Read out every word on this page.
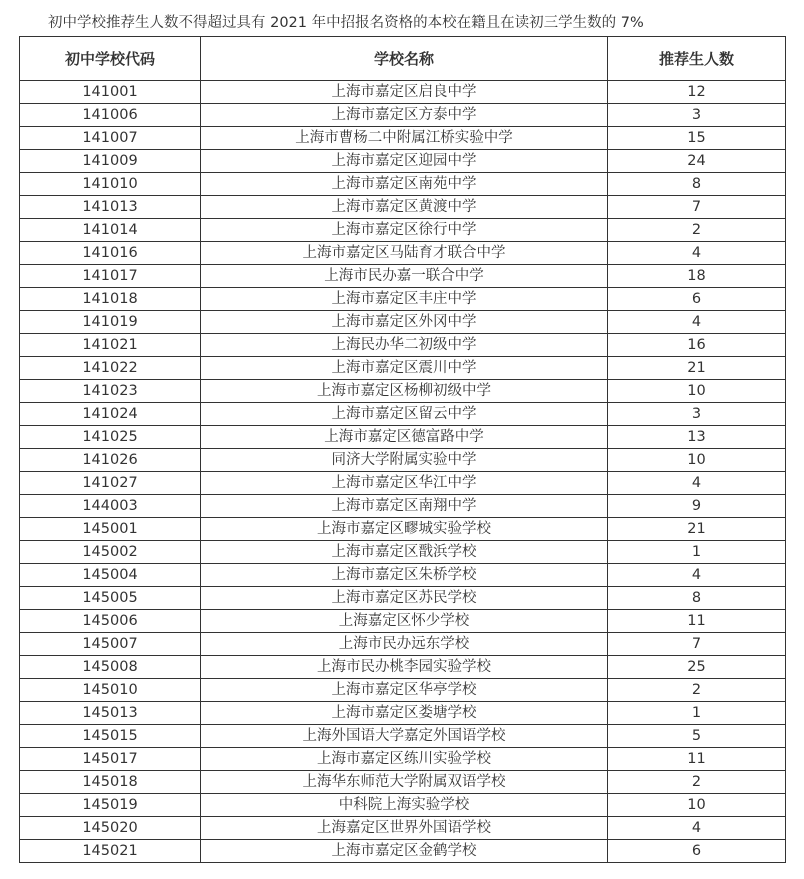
初中学校推荐生人数不得超过具有 2021 年中招报名资格的本校在籍且在读初三学生数的 7%
初中学校代码	学校名称	推荐生人数
141001	上海市嘉定区启良中学	12
141006	上海市嘉定区方泰中学	3
141007	上海市曹杨二中附属江桥实验中学	15
141009	上海市嘉定区迎园中学	24
141010	上海市嘉定区南苑中学	8
141013	上海市嘉定区黄渡中学	7
141014	上海市嘉定区徐行中学	2
141016	上海市嘉定区马陆育才联合中学	4
141017	上海市民办嘉一联合中学	18
141018	上海市嘉定区丰庄中学	6
141019	上海市嘉定区外冈中学	4
141021	上海民办华二初级中学	16
141022	上海市嘉定区震川中学	21
141023	上海市嘉定区杨柳初级中学	10
141024	上海市嘉定区留云中学	3
141025	上海市嘉定区德富路中学	13
141026	同济大学附属实验中学	10
141027	上海市嘉定区华江中学	4
144003	上海市嘉定区南翔中学	9
145001	上海市嘉定区疁城实验学校	21
145002	上海市嘉定区戬浜学校	1
145004	上海市嘉定区朱桥学校	4
145005	上海市嘉定区苏民学校	8
145006	上海嘉定区怀少学校	11
145007	上海市民办远东学校	7
145008	上海市民办桃李园实验学校	25
145010	上海市嘉定区华亭学校	2
145013	上海市嘉定区娄塘学校	1
145015	上海外国语大学嘉定外国语学校	5
145017	上海市嘉定区练川实验学校	11
145018	上海华东师范大学附属双语学校	2
145019	中科院上海实验学校	10
145020	上海嘉定区世界外国语学校	4
145021	上海市嘉定区金鹤学校	6
